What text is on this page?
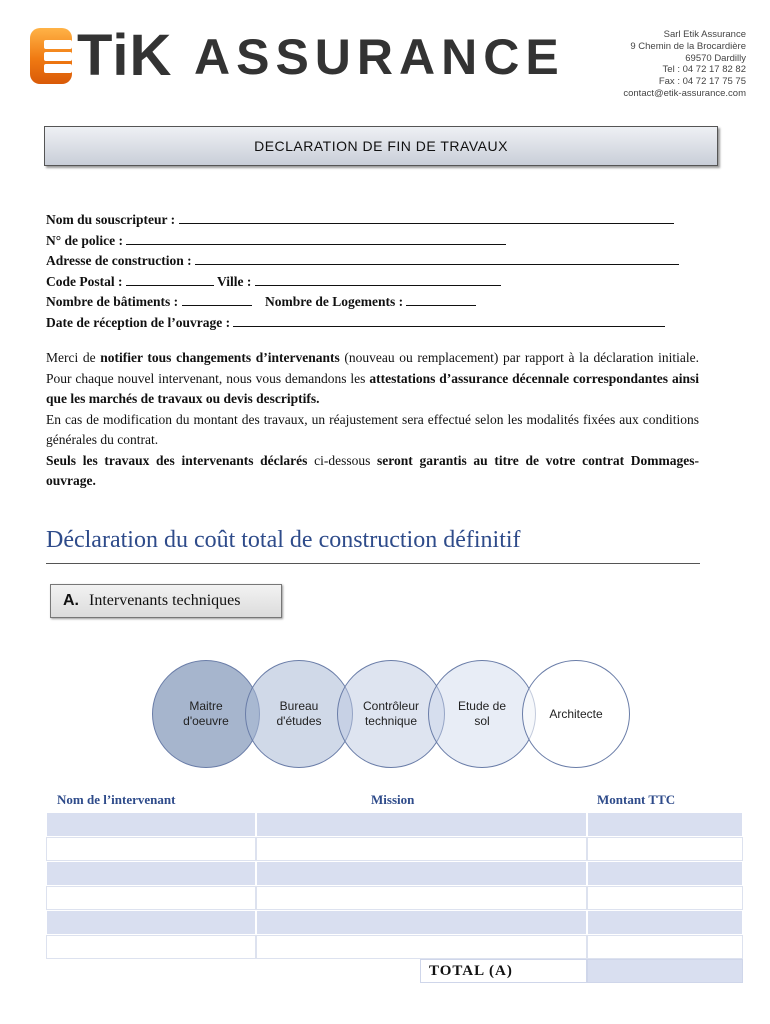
TiK ASSURANCE	Sarl Etik Assurance
9 Chemin de la Brocardière
69570 Dardilly
Tel : 04 72 17 82 82
Fax : 04 72 17 75 75
contact@etik-assurance.com
DECLARATION DE FIN DE TRAVAUX
Nom du souscripteur :
N° de police :
Adresse de construction :
Code Postal :	Ville :
Nombre de bâtiments :	Nombre de Logements :
Date de réception de l’ouvrage :

Merci de notifier tous changements d’intervenants (nouveau ou remplacement) par rapport à la déclaration initiale. Pour chaque nouvel intervenant, nous vous demandons les attestations d’assurance décennale correspondantes ainsi que les marchés de travaux ou devis descriptifs.

En cas de modification du montant des travaux, un réajustement sera effectué selon les modalités fixées aux conditions générales du contrat.

Seuls les travaux des intervenants déclarés ci-dessous seront garantis au titre de votre contrat Dommages-ouvrage.

Déclaration du coût total de construction définitif
A. Intervenants techniques
Maitre
d'oeuvre
Bureau
d'études
Contrôleur
technique
Etude de
sol
Architecte
Nom de l’intervenant	Mission	Montant TTC
TOTAL (A)
